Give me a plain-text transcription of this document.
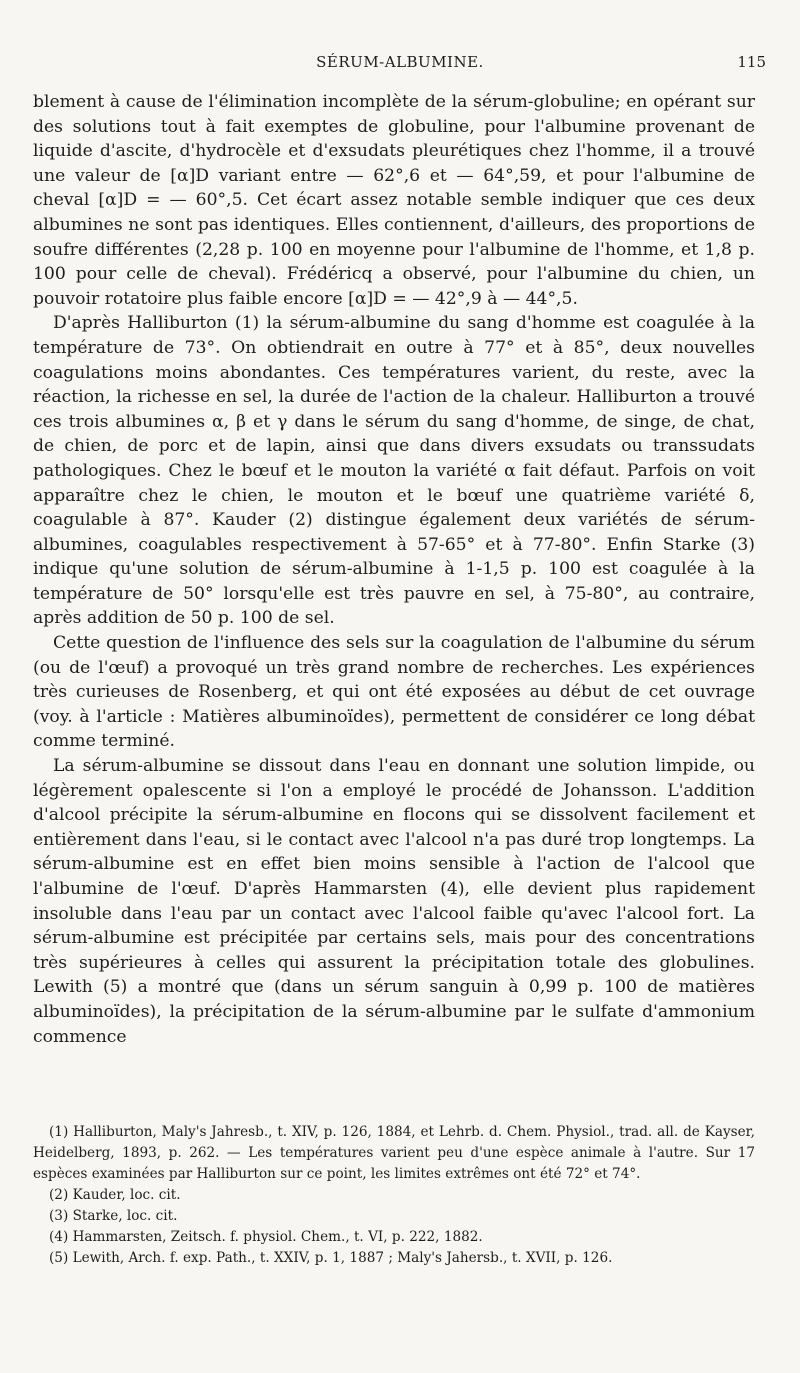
SÉRUM-ALBUMINE.	115

blement à cause de l'élimination incomplète de la sérum-globuline; en opérant sur des solutions tout à fait exemptes de globuline, pour l'albumine provenant de liquide d'ascite, d'hydrocèle et d'exsudats pleurétiques chez l'homme, il a trouvé une valeur de [α]D variant entre — 62°,6 et — 64°,59, et pour l'albumine de cheval [α]D = — 60°,5. Cet écart assez notable semble indiquer que ces deux albumines ne sont pas identiques. Elles contiennent, d'ailleurs, des proportions de soufre différentes (2,28 p. 100 en moyenne pour l'albumine de l'homme, et 1,8 p. 100 pour celle de cheval). Frédéricq a observé, pour l'albumine du chien, un pouvoir rotatoire plus faible encore [α]D = — 42°,9 à — 44°,5.

D'après Halliburton (1) la sérum-albumine du sang d'homme est coagulée à la température de 73°. On obtiendrait en outre à 77° et à 85°, deux nouvelles coagulations moins abondantes. Ces températures varient, du reste, avec la réaction, la richesse en sel, la durée de l'action de la chaleur. Halliburton a trouvé ces trois albumines α, β et γ dans le sérum du sang d'homme, de singe, de chat, de chien, de porc et de lapin, ainsi que dans divers exsudats ou transsudats pathologiques. Chez le bœuf et le mouton la variété α fait défaut. Parfois on voit apparaître chez le chien, le mouton et le bœuf une quatrième variété δ, coagulable à 87°. Kauder (2) distingue également deux variétés de sérum-albumines, coagulables respectivement à 57-65° et à 77-80°. Enfin Starke (3) indique qu'une solution de sérum-albumine à 1-1,5 p. 100 est coagulée à la température de 50° lorsqu'elle est très pauvre en sel, à 75-80°, au contraire, après addition de 50 p. 100 de sel.

Cette question de l'influence des sels sur la coagulation de l'albumine du sérum (ou de l'œuf) a provoqué un très grand nombre de recherches. Les expériences très curieuses de Rosenberg, et qui ont été exposées au début de cet ouvrage (voy. à l'article : Matières albuminoïdes), permettent de considérer ce long débat comme terminé.

La sérum-albumine se dissout dans l'eau en donnant une solution limpide, ou légèrement opalescente si l'on a employé le procédé de Johansson. L'addition d'alcool précipite la sérum-albumine en flocons qui se dissolvent facilement et entièrement dans l'eau, si le contact avec l'alcool n'a pas duré trop longtemps. La sérum-albumine est en effet bien moins sensible à l'action de l'alcool que l'albumine de l'œuf. D'après Hammarsten (4), elle devient plus rapidement insoluble dans l'eau par un contact avec l'alcool faible qu'avec l'alcool fort. La sérum-albumine est précipitée par certains sels, mais pour des concentrations très supérieures à celles qui assurent la précipitation totale des globulines. Lewith (5) a montré que (dans un sérum sanguin à 0,99 p. 100 de matières albuminoïdes), la précipitation de la sérum-albumine par le sulfate d'ammonium commence

(1) Halliburton, Maly's Jahresb., t. XIV, p. 126, 1884, et Lehrb. d. Chem. Physiol., trad. all. de Kayser, Heidelberg, 1893, p. 262. — Les températures varient peu d'une espèce animale à l'autre. Sur 17 espèces examinées par Halliburton sur ce point, les limites extrêmes ont été 72° et 74°.

(2) Kauder, loc. cit.

(3) Starke, loc. cit.

(4) Hammarsten, Zeitsch. f. physiol. Chem., t. VI, p. 222, 1882.

(5) Lewith, Arch. f. exp. Path., t. XXIV, p. 1, 1887 ; Maly's Jahersb., t. XVII, p. 126.
